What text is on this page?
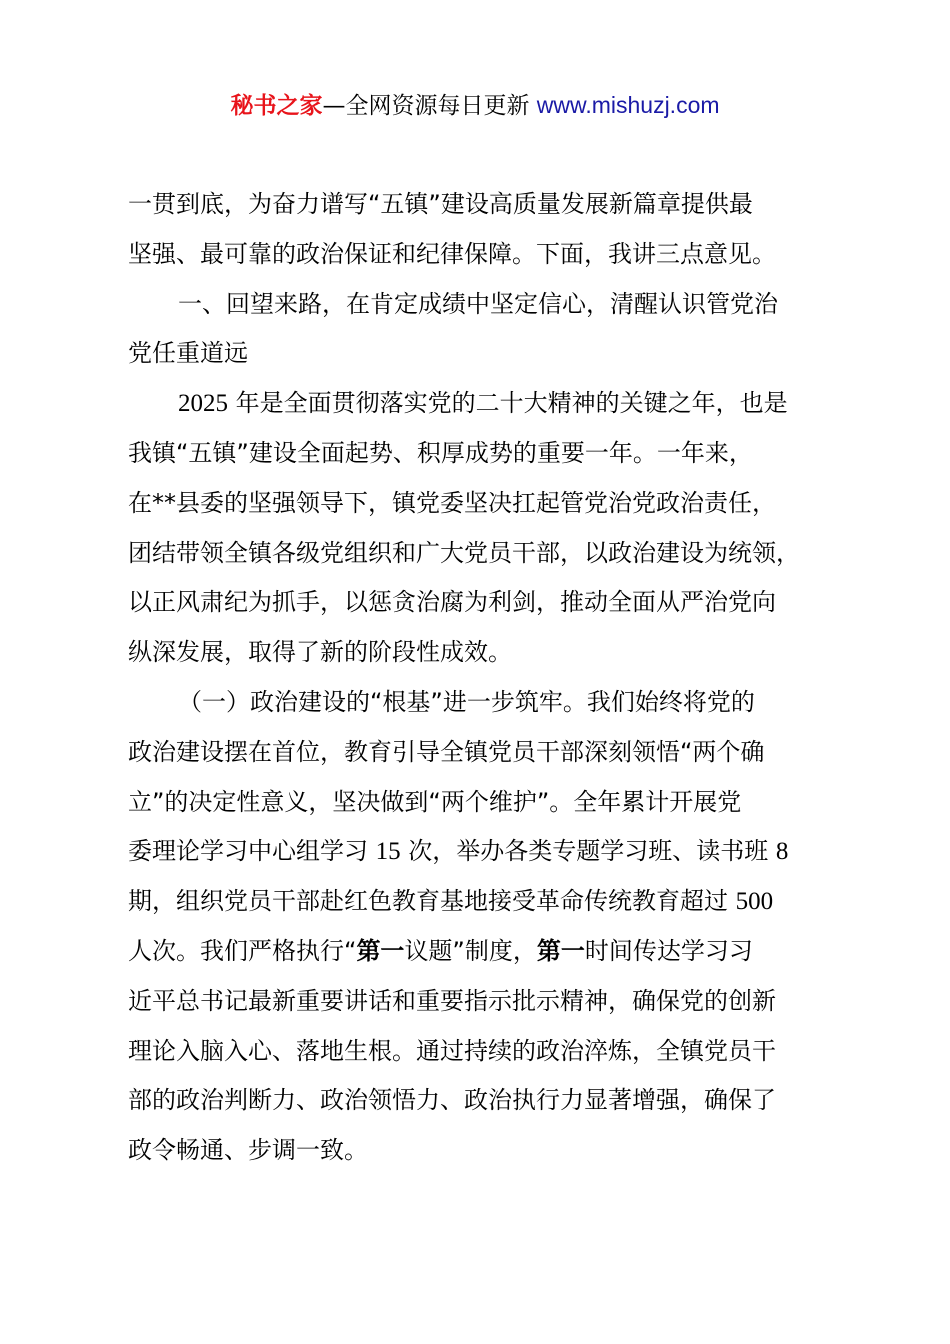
秘书之家—全网资源每日更新 www.mishuzj.com
一贯到底，为奋力谱写“五镇”建设高质量发展新篇章提供最
坚强、最可靠的政治保证和纪律保障。下面，我讲三点意见。
一、回望来路，在肯定成绩中坚定信心，清醒认识管党治
党任重道远
2025 年是全面贯彻落实党的二十大精神的关键之年，也是
我镇“五镇”建设全面起势、积厚成势的重要一年。一年来，
在**县委的坚强领导下，镇党委坚决扛起管党治党政治责任，
团结带领全镇各级党组织和广大党员干部，以政治建设为统领，
以正风肃纪为抓手，以惩贪治腐为利剑，推动全面从严治党向
纵深发展，取得了新的阶段性成效。
（一）政治建设的“根基”进一步筑牢。我们始终将党的
政治建设摆在首位，教育引导全镇党员干部深刻领悟“两个确
立”的决定性意义，坚决做到“两个维护”。全年累计开展党
委理论学习中心组学习 15 次，举办各类专题学习班、读书班 8
期，组织党员干部赴红色教育基地接受革命传统教育超过 500
人次。我们严格执行“第一议题”制度，第一时间传达学习习
近平总书记最新重要讲话和重要指示批示精神，确保党的创新
理论入脑入心、落地生根。通过持续的政治淬炼，全镇党员干
部的政治判断力、政治领悟力、政治执行力显著增强，确保了
政令畅通、步调一致。
